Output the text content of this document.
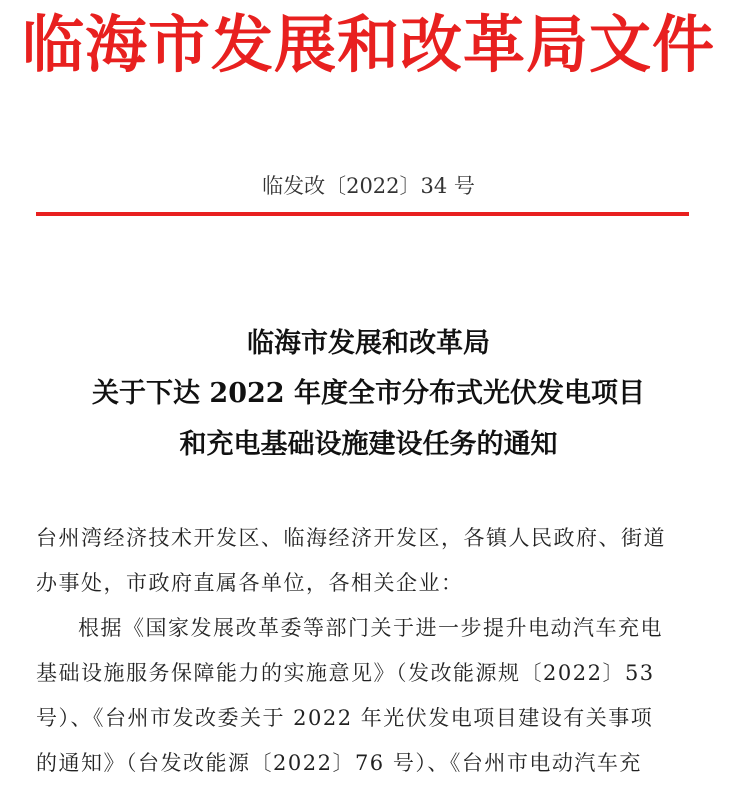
临海市发展和改革局文件
临发改〔2022〕34 号
临海市发展和改革局
关于下达 2022 年度全市分布式光伏发电项目
和充电基础设施建设任务的通知
台州湾经济技术开发区、临海经济开发区，各镇人民政府、街道
办事处，市政府直属各单位，各相关企业：
根据《国家发展改革委等部门关于进一步提升电动汽车充电
基础设施服务保障能力的实施意见》（发改能源规〔2022〕53
号）、《台州市发改委关于 2022 年光伏发电项目建设有关事项
的通知》（台发改能源〔2022〕76 号）、《台州市电动汽车充
